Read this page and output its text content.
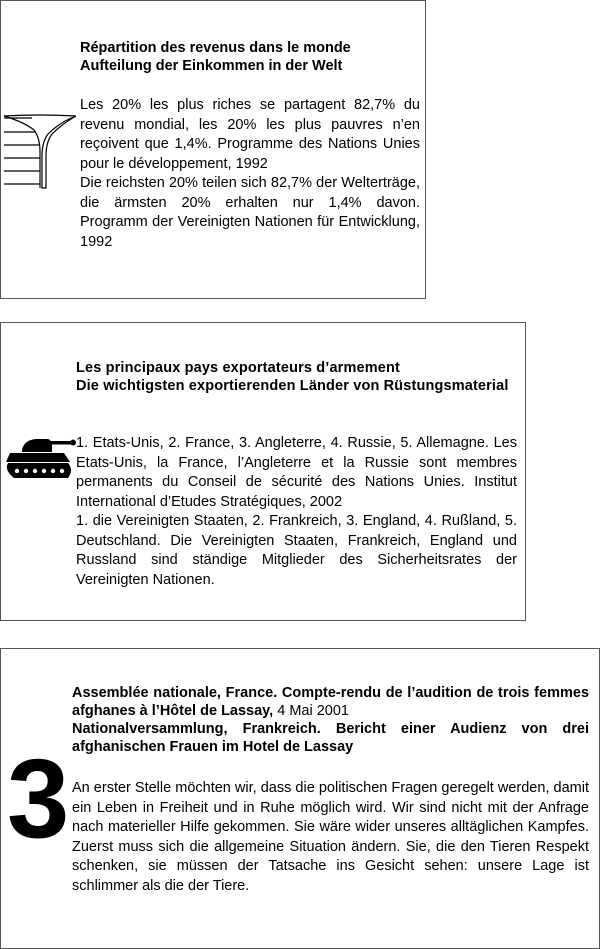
Répartition des revenus dans le monde
Aufteilung der Einkommen in der Welt

Les 20% les plus riches se partagent 82,7% du revenu mondial, les 20% les plus pauvres n’en reçoivent que 1,4%. Programme des Nations Unies pour le développement, 1992

Die reichsten 20% teilen sich 82,7% der Welterträge, die ärmsten 20% erhalten nur 1,4% davon. Programm der Vereinigten Nationen für Entwicklung, 1992

Les principaux pays exportateurs d’armement
Die wichtigsten exportierenden Länder von Rüstungsmaterial

1. Etats-Unis, 2. France, 3. Angleterre, 4. Russie, 5. Allemagne. Les Etats-Unis, la France, l’Angleterre et la Russie sont membres permanents du Conseil de sécurité des Nations Unies. Institut International d’Etudes Stratégiques, 2002

1. die Vereinigten Staaten, 2. Frankreich, 3. England, 4. Rußland, 5. Deutschland. Die Vereinigten Staaten, Frankreich, England und Russland sind ständige Mitglieder des Sicherheitsrates der Vereinigten Nationen.

Assemblée nationale, France. Compte-rendu de l’audition de trois femmes afghanes à l’Hôtel de Lassay, 4 Mai 2001
Nationalversammlung, Frankreich. Bericht einer Audienz von drei afghanischen Frauen im Hotel de Lassay

An erster Stelle möchten wir, dass die politischen Fragen geregelt werden, damit ein Leben in Freiheit und in Ruhe möglich wird. Wir sind nicht mit der Anfrage nach materieller Hilfe gekommen. Sie wäre wider unseres alltäglichen Kampfes. Zuerst muss sich die allgemeine Situation ändern. Sie, die den Tieren Respekt schenken, sie müssen der Tatsache ins Gesicht sehen: unsere Lage ist schlimmer als die der Tiere.

3
